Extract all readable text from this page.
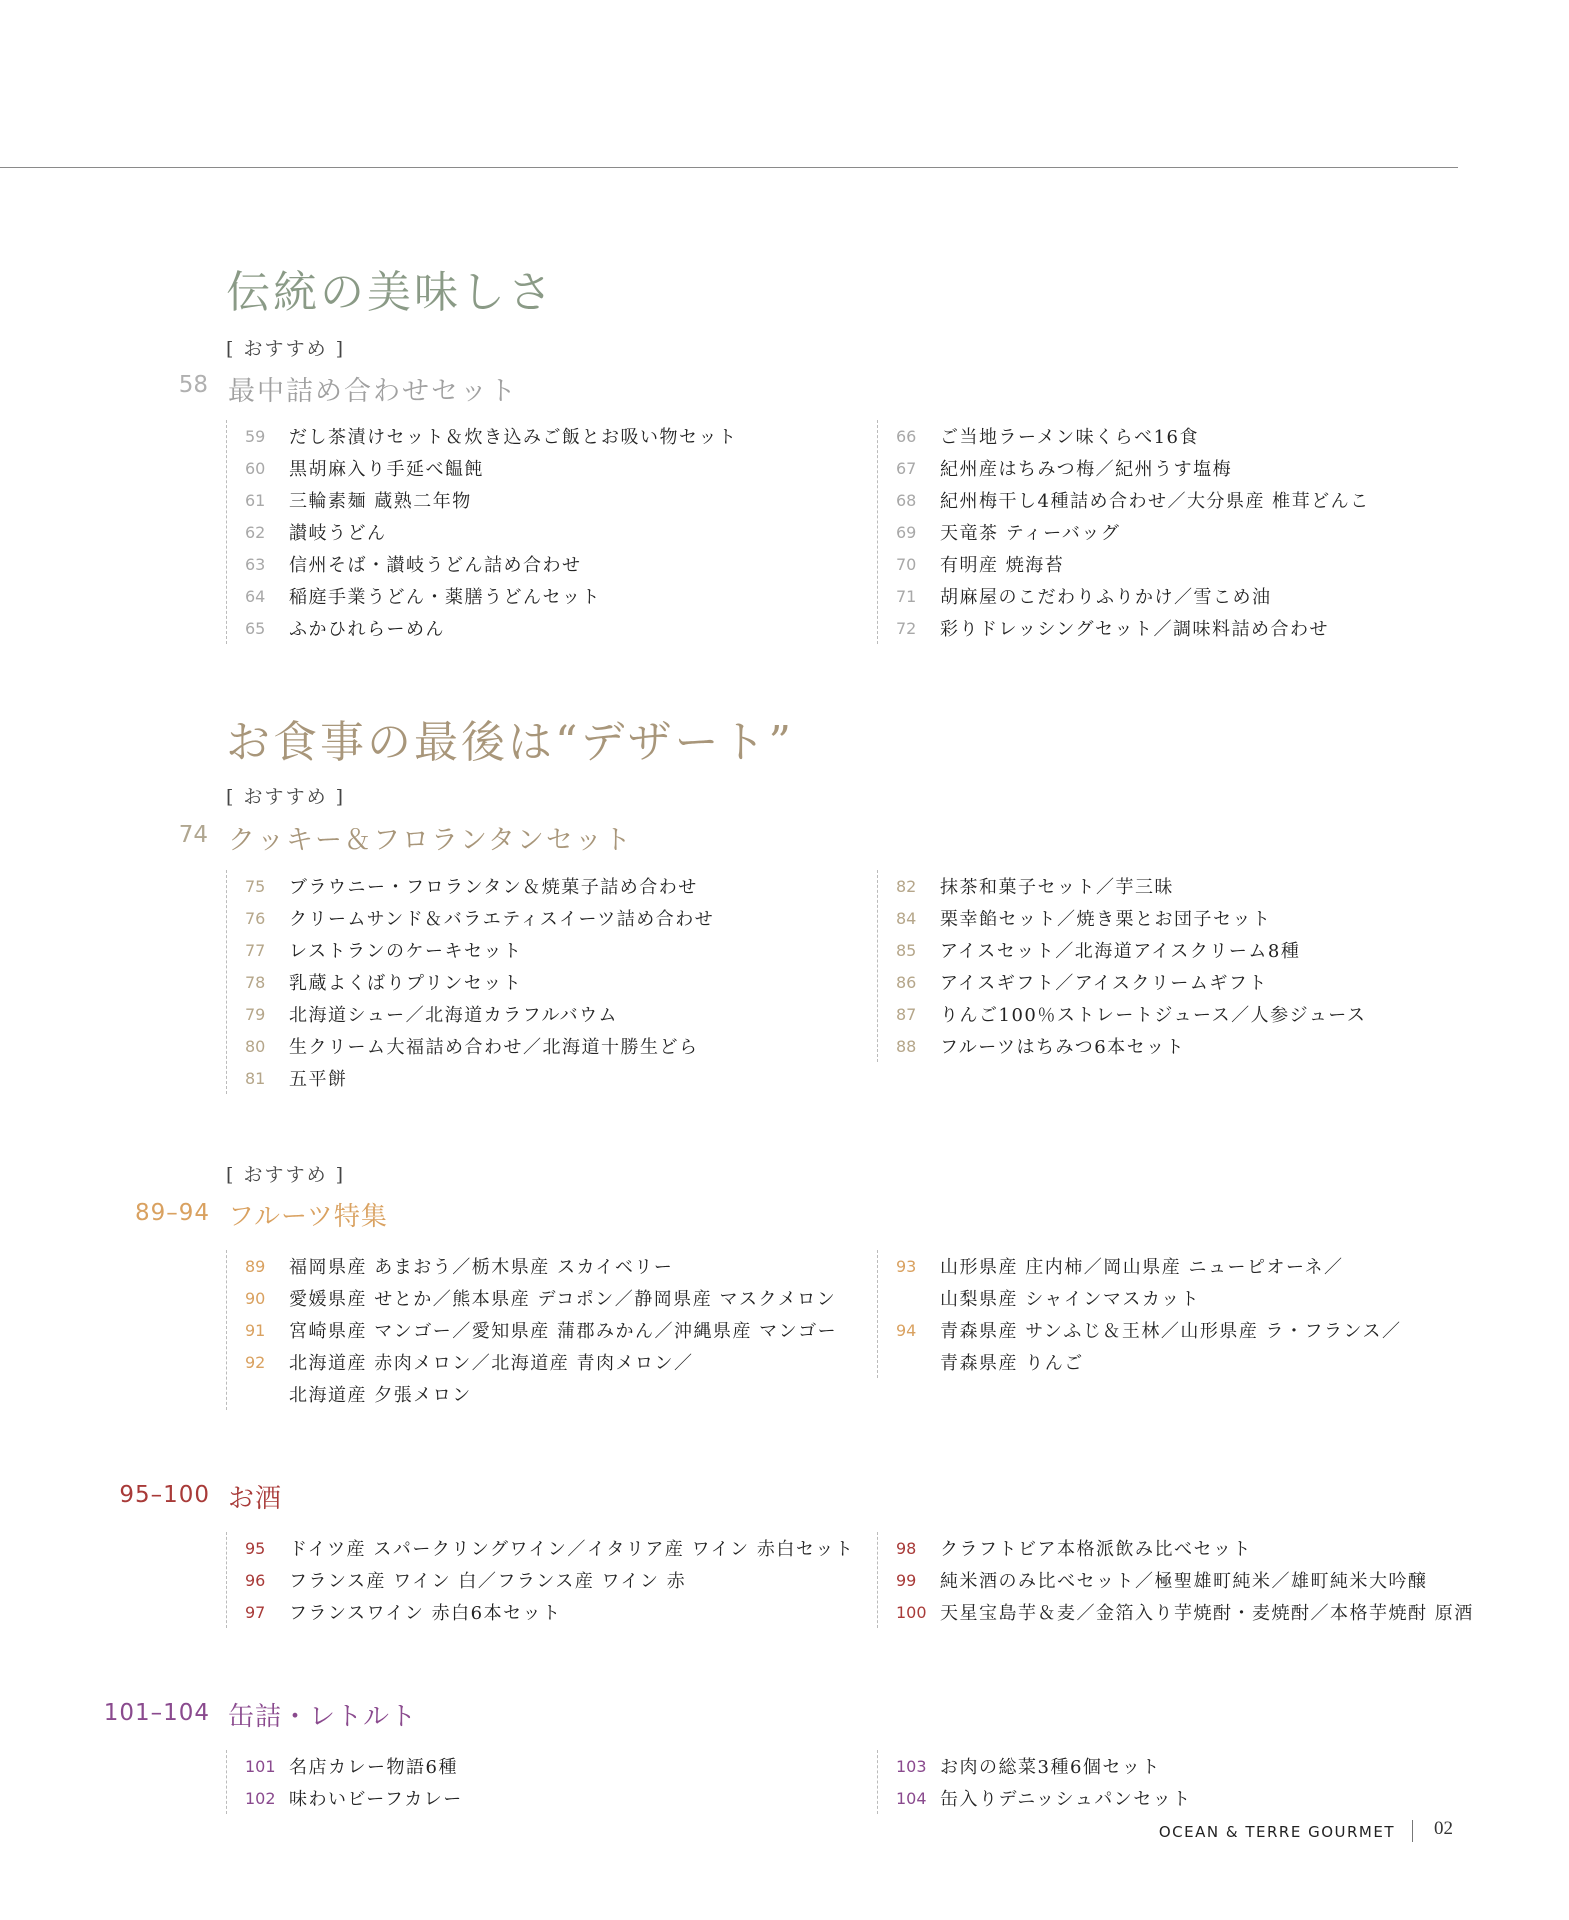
伝統の美味しさ
[ おすすめ ]
58 最中詰め合わせセット
59	だし茶漬けセット＆炊き込みご飯とお吸い物セット
60	黒胡麻入り手延べ饂飩
61	三輪素麺 蔵熟二年物
62	讃岐うどん
63	信州そば・讃岐うどん詰め合わせ
64	稲庭手業うどん・薬膳うどんセット
65	ふかひれらーめん
66	ご当地ラーメン味くらべ16食
67	紀州産はちみつ梅／紀州うす塩梅
68	紀州梅干し4種詰め合わせ／大分県産 椎茸どんこ
69	天竜茶 ティーバッグ
70	有明産 焼海苔
71	胡麻屋のこだわりふりかけ／雪こめ油
72	彩りドレッシングセット／調味料詰め合わせ
お食事の最後は“デザート”
[ おすすめ ]
74 クッキー＆フロランタンセット
75	ブラウニー・フロランタン＆焼菓子詰め合わせ
76	クリームサンド＆バラエティスイーツ詰め合わせ
77	レストランのケーキセット
78	乳蔵よくばりプリンセット
79	北海道シュー／北海道カラフルバウム
80	生クリーム大福詰め合わせ／北海道十勝生どら
81	五平餅
82	抹茶和菓子セット／芋三昧
84	栗幸餡セット／焼き栗とお団子セット
85	アイスセット／北海道アイスクリーム8種
86	アイスギフト／アイスクリームギフト
87	りんご100％ストレートジュース／人参ジュース
88	フルーツはちみつ6本セット
[ おすすめ ]
89–94 フルーツ特集
89	福岡県産 あまおう／栃木県産 スカイベリー
90	愛媛県産 せとか／熊本県産 デコポン／静岡県産 マスクメロン
91	宮崎県産 マンゴー／愛知県産 蒲郡みかん／沖縄県産 マンゴー
92	北海道産 赤肉メロン／北海道産 青肉メロン／
北海道産 夕張メロン
93	山形県産 庄内柿／岡山県産 ニューピオーネ／
山梨県産 シャインマスカット
94	青森県産 サンふじ＆王林／山形県産 ラ・フランス／
青森県産 りんご
95–100 お酒
95	ドイツ産 スパークリングワイン／イタリア産 ワイン 赤白セット
96	フランス産 ワイン 白／フランス産 ワイン 赤
97	フランスワイン 赤白6本セット
98	クラフトビア本格派飲み比べセット
99	純米酒のみ比べセット／極聖雄町純米／雄町純米大吟醸
100 天星宝島芋＆麦／金箔入り芋焼酎・麦焼酎／本格芋焼酎 原酒
101–104 缶詰・レトルト
101 名店カレー物語6種
102 味わいビーフカレー
103 お肉の総菜3種6個セット
104 缶入りデニッシュパンセット
OCEAN & TERRE GOURMET 02
